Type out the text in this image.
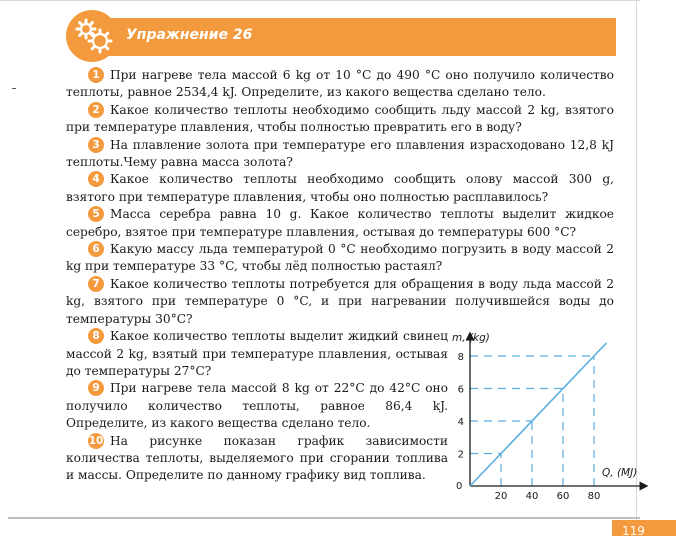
Упражнение 26

1 При нагреве тела массой 6 kg от 10 °C до 490 °C оно получило количество теплоты, равное 2534,4 kJ. Определите, из какого вещества сделано тело.

2 Какое количество теплоты необходимо сообщить льду массой 2 kg, взятого при температуре плавления, чтобы полностью превратить его в воду?

3 На плавление золота при температуре его плавления израсходовано 12,8 kJ теплоты.Чему равна масса золота?

4 Какое количество теплоты необходимо сообщить олову массой 300 g, взятого при температуре плавления, чтобы оно полностью расплавилось?

5 Масса серебра равна 10 g. Какое количество теплоты выделит жидкое серебро, взятое при температуре плавления, остывая до температуры 600 °C?

6 Какую массу льда температурой 0 °C необходимо погрузить в воду массой 2 kg при температуре 33 °C, чтобы лёд полностью растаял?

7 Какое количество теплоты потребуется для обращения в воду льда массой 2 kg, взятого при температуре 0 °C, и при нагревании получившейся воды до температуры 30°C?

8 Какое количество теплоты выделит жидкий свинец массой 2 kg, взятый при температуре плавления, остывая до температуры 27°C?

9 При нагреве тела массой 8 kg от 22°C до 42°C оно получило количество теплоты, равное 86,4 kJ. Определите, из какого вещества сделано тело.

10 На рисунке показан график зависимости количества теплоты, выделяемого при сгорании топлива и массы. Определите по данному графику вид топлива.

20 40 60 80
2
4
6
8
m, (kg)
Q, (MJ)
0
119
